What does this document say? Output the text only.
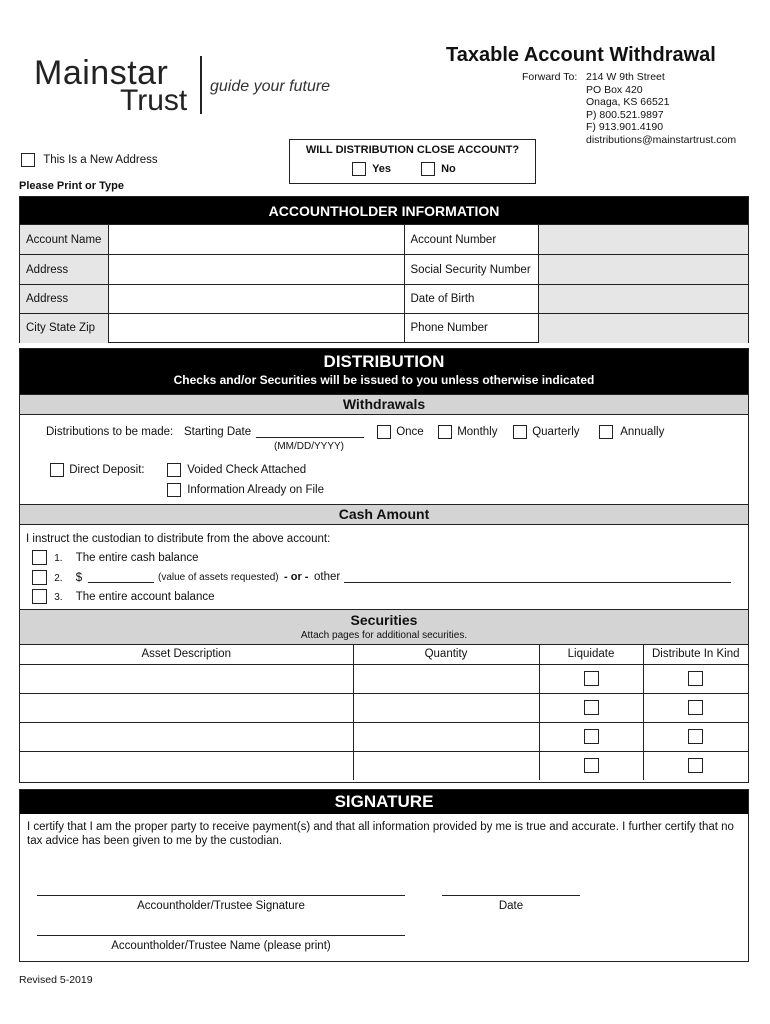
Mainstar
Trust guide your future
Taxable Account Withdrawal
Forward To: 214 W 9th Street
PO Box 420
Onaga, KS 66521
P) 800.521.9897
F) 913.901.4190
distributions@mainstartrust.com
WILL DISTRIBUTION CLOSE ACCOUNT?
Yes	No
This Is a New Address
Please Print or Type
ACCOUNTHOLDER INFORMATION
Account Name		Account Number	
Address		Social Security Number	
Address		Date of Birth	
City State Zip		Phone Number	
DISTRIBUTION
Checks and/or Securities will be issued to you unless otherwise indicated
Withdrawals
Distributions to be made: Starting Date
(MM/DD/YYYY)
Once	Monthly	Quarterly	Annually
Direct Deposit:	Voided Check Attached
Information Already on File
Cash Amount
I instruct the custodian to distribute from the above account:
1. The entire cash balance
2. $	(value of assets requested) - or - other
3. The entire account balance
Securities
Attach pages for additional securities.
Asset Description	Quantity	Liquidate	Distribute In Kind

SIGNATURE
I certify that I am the proper party to receive payment(s) and that all information provided by me is true and accurate. I further certify that no tax advice has been given to me by the custodian.
Accountholder/Trustee Signature	Date
Accountholder/Trustee Name (please print)
Revised 5-2019
